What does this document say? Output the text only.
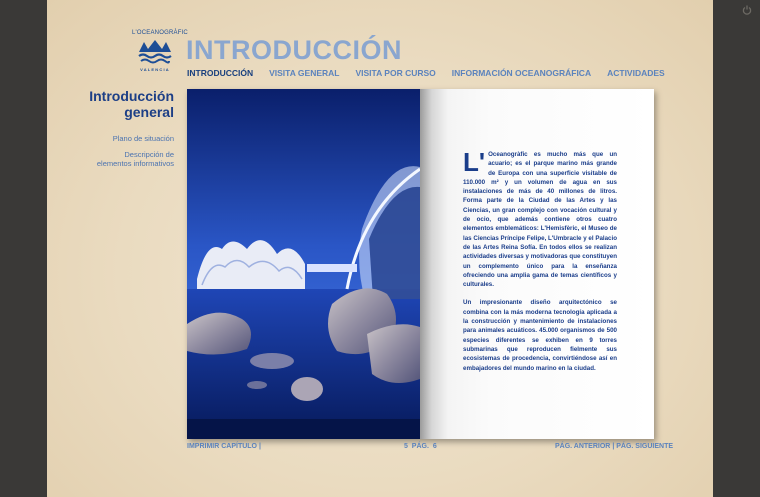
L'OCEANOGRÀFIC
VALENCIA
INTRODUCCIÓN
INTRODUCCIÓN VISITA GENERAL VISITA POR CURSO INFORMACIÓN OCEANOGRÁFICA ACTIVIDADES
Introducción
general
Plano de situación
Descripción de
elementos informativos	L' Oceanogràfic es mucho más que un acuario; es el parque marino más grande de Europa con una superficie visitable de 110.000 m² y un volumen de agua en sus instalaciones de más de 40 millones de litros. Forma parte de la Ciudad de las Artes y las Ciencias, un gran complejo con vocación cultural y de ocio, que además contiene otros cuatro elementos emblemáticos: L'Hemisfèric, el Museo de las Ciencias Príncipe Felipe, L'Umbracle y el Palacio de las Artes Reina Sofía. En todos ellos se realizan actividades diversas y motivadoras que constituyen un complemento único para la enseñanza ofreciendo una amplia gama de temas científicos y culturales.

Un impresionante diseño arquitectónico se combina con la más moderna tecnología aplicada a la construcción y mantenimiento de instalaciones para animales acuáticos. 45.000 organismos de 500 especies diferentes se exhiben en 9 torres submarinas que reproducen fielmente sus ecosistemas de procedencia, convirtiéndose así en embajadores del mundo marino en la ciudad.

IMPRIMIR CAPÍTULO |	5 PÁG. 6	PÁG. ANTERIOR | PÁG. SIGUIENTE
